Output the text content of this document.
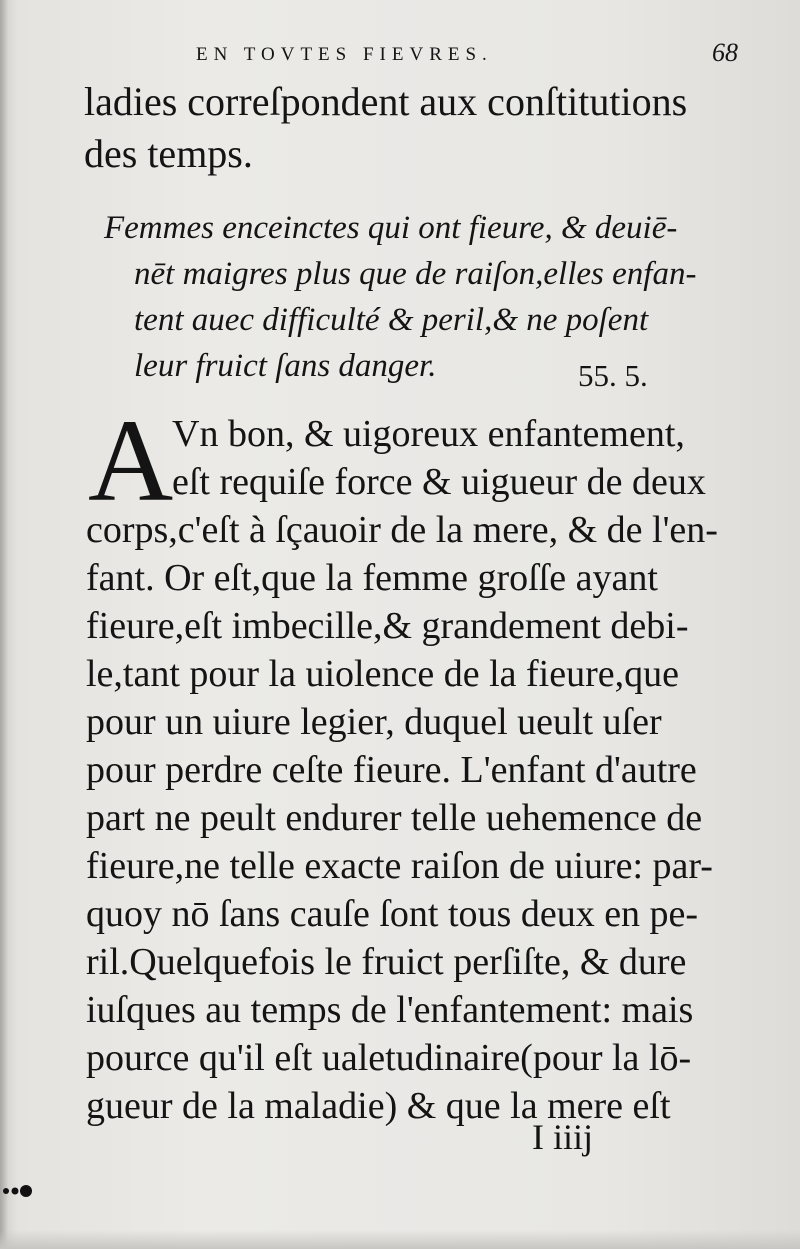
EN TOVTES FIEVRES.	68
ladies correſpondent aux conſtitutions
des temps.
Femmes enceinctes qui ont fieure, & deuiē-
nēt maigres plus que de raiſon,elles enfan-
tent auec difficulté & peril,& ne poſent
leur fruict ſans danger.	55. 5.
A
Vn bon, & uigoreux enfantement,
eſt requiſe force & uigueur de deux
corps,c'eſt à ſçauoir de la mere, & de l'en-
fant. Or eſt,que la femme groſſe ayant
fieure,eſt imbecille,& grandement debi-
le,tant pour la uiolence de la fieure,que
pour un uiure legier, duquel ueult uſer
pour perdre ceſte fieure. L'enfant d'autre
part ne peult endurer telle uehemence de
fieure,ne telle exacte raiſon de uiure: par-
quoy nō ſans cauſe ſont tous deux en pe-
ril.Quelquefois le fruict perſiſte, & dure
iuſques au temps de l'enfantement: mais
pource qu'il eſt ualetudinaire(pour la lō-
gueur de la maladie) & que la mere eſt
I iiij
